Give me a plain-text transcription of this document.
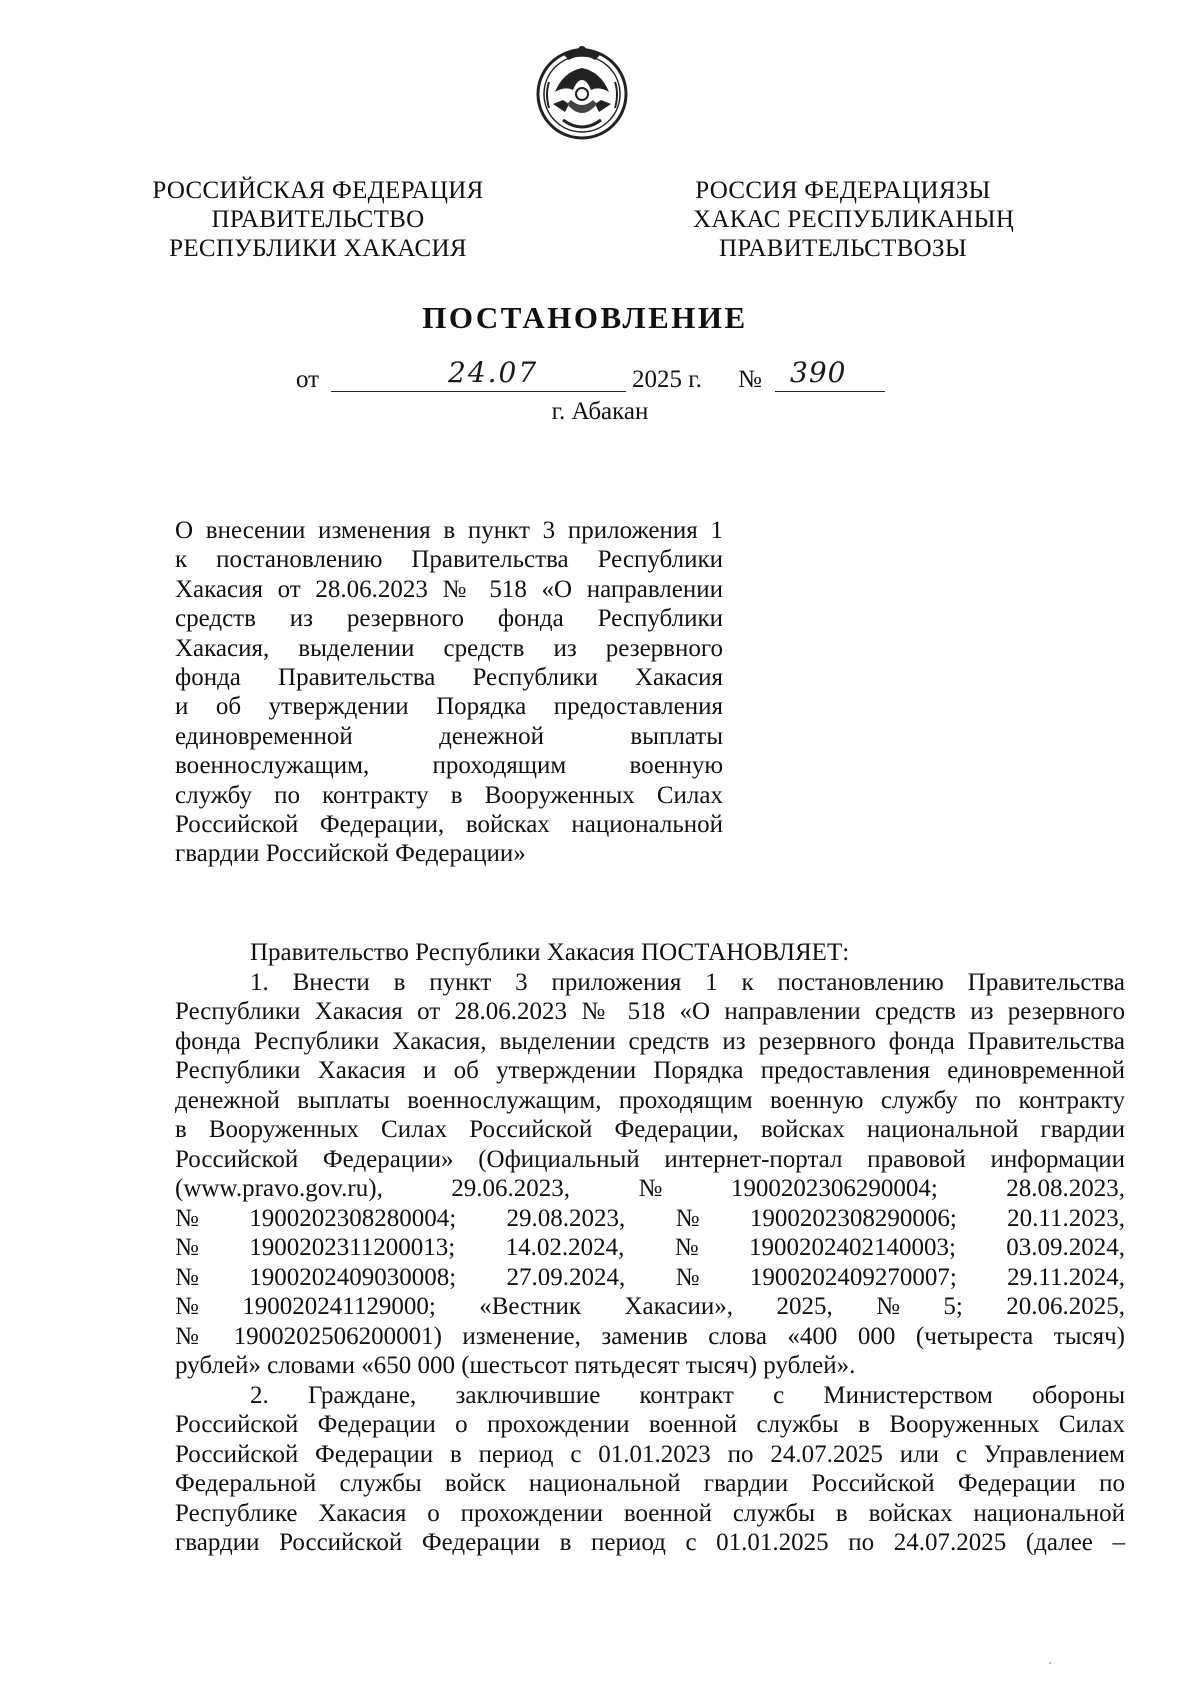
РОССИЙСКАЯ ФЕДЕРАЦИЯ
ПРАВИТЕЛЬСТВО
РЕСПУБЛИКИ ХАКАСИЯ
РОССИЯ ФЕДЕРАЦИЯЗЫ
ХАКАС РЕСПУБЛИКАНЫҢ
ПРАВИТЕЛЬСТВОЗЫ
ПОСТАНОВЛЕНИЕ
от	24.07	2025 г. № 390
г. Абакан
О внесении изменения в пункт 3 приложения 1
к постановлению Правительства Республики
Хакасия от 28.06.2023 № 518 «О направлении
средств из резервного фонда Республики
Хакасия, выделении средств из резервного
фонда Правительства Республики Хакасия
и об утверждении Порядка предоставления
единовременной денежной выплаты
военнослужащим, проходящим военную
службу по контракту в Вооруженных Силах
Российской Федерации, войсках национальной
гвардии Российской Федерации»
Правительство Республики Хакасия ПОСТАНОВЛЯЕТ:
1. Внести в пункт 3 приложения 1 к постановлению Правительства
Республики Хакасия от 28.06.2023 № 518 «О направлении средств из резервного
фонда Республики Хакасия, выделении средств из резервного фонда Правительства
Республики Хакасия и об утверждении Порядка предоставления единовременной
денежной выплаты военнослужащим, проходящим военную службу по контракту
в Вооруженных Силах Российской Федерации, войсках национальной гвардии
Российской Федерации» (Официальный интернет-портал правовой информации
(www.pravo.gov.ru),	29.06.2023,	№	1900202306290004;	28.08.2023,
№ 1900202308280004; 29.08.2023, № 1900202308290006; 20.11.2023,
№ 1900202311200013; 14.02.2024, № 1900202402140003; 03.09.2024,
№ 1900202409030008; 27.09.2024, № 1900202409270007; 29.11.2024,
№ 190020241129000; «Вестник Хакасии», 2025, № 5; 20.06.2025,
№ 1900202506200001) изменение, заменив слова «400 000 (четыреста тысяч)
рублей» словами «650 000 (шестьсот пятьдесят тысяч) рублей».
2. Граждане, заключившие контракт с Министерством обороны
Российской Федерации о прохождении военной службы в Вооруженных Силах
Российской Федерации в период с 01.01.2023 по 24.07.2025 или с Управлением
Федеральной службы войск национальной гвардии Российской Федерации по
Республике Хакасия о прохождении военной службы в войсках национальной
гвардии Российской Федерации в период с 01.01.2025 по 24.07.2025 (далее –
